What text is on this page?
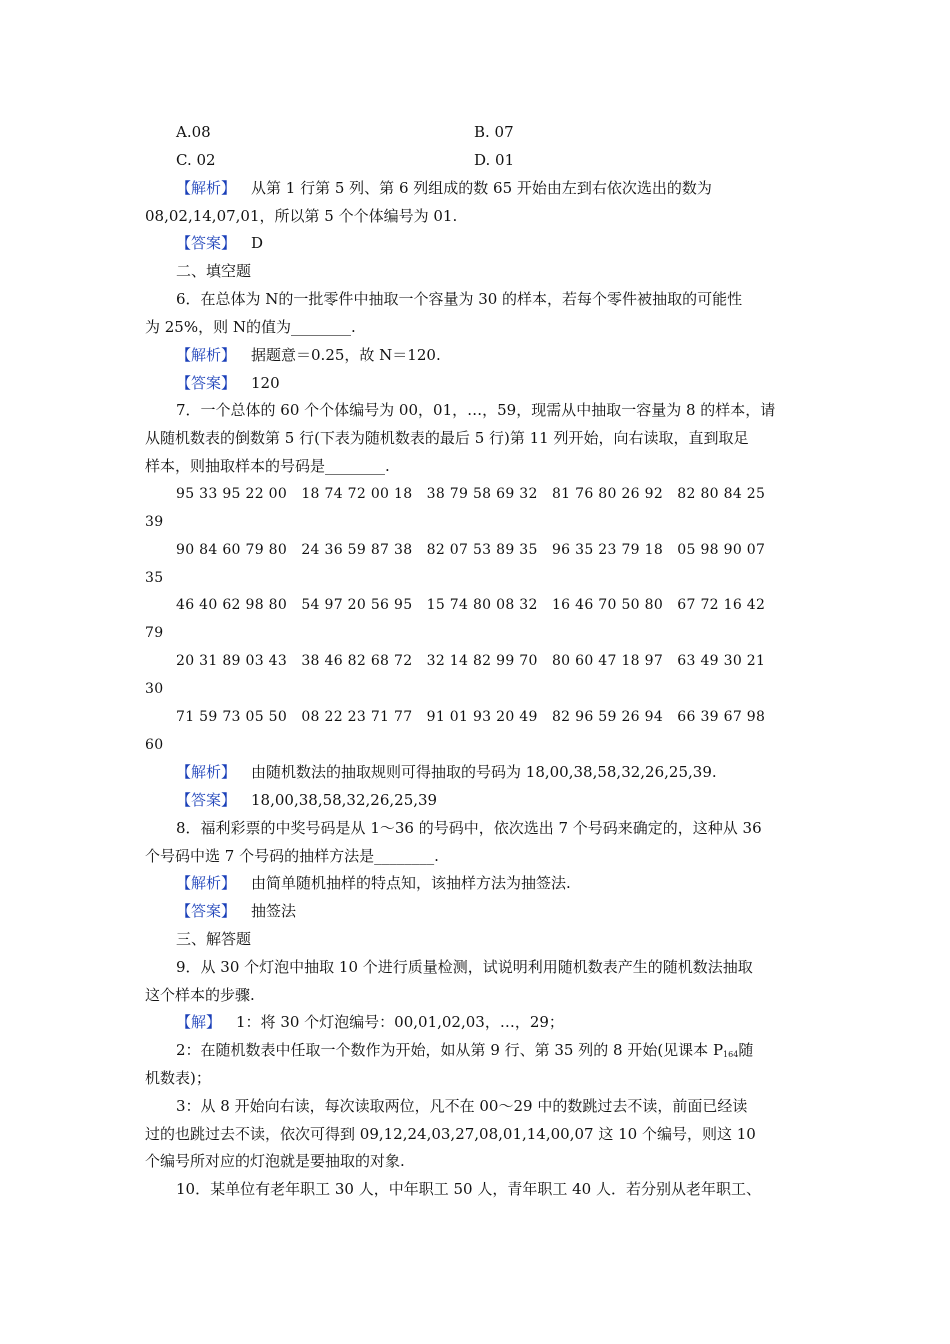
A.08	B. 07
C. 02	D. 01
【解析】  从第 1 行第 5 列、第 6 列组成的数 65 开始由左到右依次选出的数为
08,02,14,07,01，所以第 5 个个体编号为 01.
【答案】  D
二、填空题
6．在总体为 N的一批零件中抽取一个容量为 30 的样本，若每个零件被抽取的可能性
为 25%，则 N的值为________.
【解析】  据题意＝0.25，故 N＝120.
【答案】  120
7．一个总体的 60 个个体编号为 00，01，…，59，现需从中抽取一容量为 8 的样本，请
从随机数表的倒数第 5 行(下表为随机数表的最后 5 行)第 11 列开始，向右读取，直到取足
样本，则抽取样本的号码是________.
95 33 95 22 00   18 74 72 00 18   38 79 58 69 32   81 76 80 26 92   82 80 84 25
39
90 84 60 79 80   24 36 59 87 38   82 07 53 89 35   96 35 23 79 18   05 98 90 07
35
46 40 62 98 80   54 97 20 56 95   15 74 80 08 32   16 46 70 50 80   67 72 16 42
79
20 31 89 03 43   38 46 82 68 72   32 14 82 99 70   80 60 47 18 97   63 49 30 21
30
71 59 73 05 50   08 22 23 71 77   91 01 93 20 49   82 96 59 26 94   66 39 67 98
60
【解析】  由随机数法的抽取规则可得抽取的号码为 18,00,38,58,32,26,25,39.
【答案】  18,00,38,58,32,26,25,39
8．福利彩票的中奖号码是从 1～36 的号码中，依次选出 7 个号码来确定的，这种从 36
个号码中选 7 个号码的抽样方法是________.
【解析】  由简单随机抽样的特点知，该抽样方法为抽签法.
【答案】  抽签法
三、解答题
9．从 30 个灯泡中抽取 10 个进行质量检测，试说明利用随机数表产生的随机数法抽取
这个样本的步骤.
【解】  1：将 30 个灯泡编号：00,01,02,03，…，29；
2：在随机数表中任取一个数作为开始，如从第 9 行、第 35 列的 8 开始(见课本 $P_{164}$随
机数表)；
3：从 8 开始向右读，每次读取两位，凡不在 00～29 中的数跳过去不读，前面已经读
过的也跳过去不读，依次可得到 09,12,24,03,27,08,01,14,00,07 这 10 个编号，则这 10
个编号所对应的灯泡就是要抽取的对象.
10．某单位有老年职工 30 人，中年职工 50 人，青年职工 40 人．若分别从老年职工、
